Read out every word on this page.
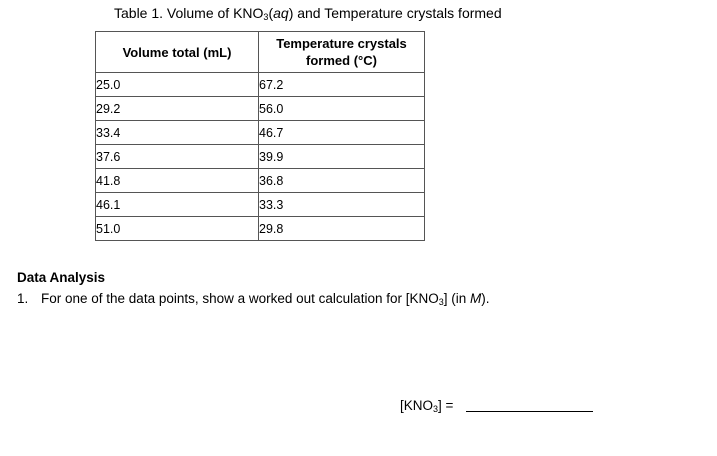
Table 1. Volume of $KNO_3(aq)$ and Temperature crystals formed
Volume total (mL)	Temperature crystals formed (°C)
25.0	67.2
29.2	56.0
33.4	46.7
37.6	39.9
41.8	36.8
46.1	33.3
51.0	29.8
Data Analysis
1. For one of the data points, show a worked out calculation for $[KNO_3]$ (in M).
$[KNO_3]$ =
